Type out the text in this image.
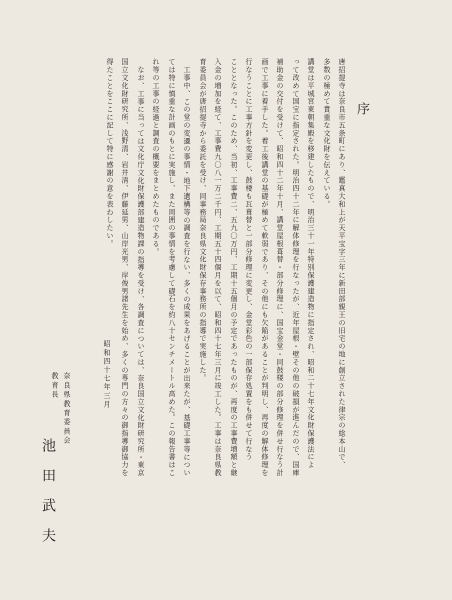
序
唐招提寺は奈良市五条町にあり、鑑真大和上が天平宝字三年に新田部親王の旧宅の地に創立された律宗の総本山で、
多数の極めて貴重な文化財を伝えている。
講堂は平城宮東朝集殿を移建したもので、明治三十一年特別保護建造物に指定され、昭和二十七年文化財保護法によ
って改めて国宝に指定された。明治四十二年に解体修理を行なったが、近年屋根・壁その他の破損が進んだので、国庫
補助金の交付を受けて、昭和四十二年十月、講堂屋根葺替・部分修理に、国宝金堂・同鼓楼の部分修理を併せ行なう計
画で工事に着手した。着工後講堂の基礎が極めて軟弱であり、その他にも欠陥があることが判明し、再度の解体修理を
行なうことに工事方針を変更し、鼓楼も瓦葺替と一部分修理に変更し、金堂彩色の一部保存処置をも併せて行なう
こととなった。このため、当初、工事費二、五九〇万円、工期十五個月の予定であったものが、再度の工事費増額と継
入金の増加を経て、工事費九〇八一万二千円、工期五十四個月を以て、昭和四十七年三月に竣工した。工事は奈良県教
育委員会が唐招提寺から委託を受け、同事務局奈良県文化財保存事務所の指導で実施した。
工事中、この堂の変遷の事情・地下遺構等の調査を行ない、多くの成果をあげることが出来たが、基礎工事等につい
ては特に慎重な計画のもとに実施し、また周囲の事情を考慮して礎石を約八十センチメートル高めた。この報告書はこ
れ等の工事の経過と調査の概要をまとめたものである。
なお、工事に当っては文化庁文化財保護部建造物課の指導を受け、各調査については、奈良国立文化財研究所・東京
国立文化財研究所、浅野清、岩井清、伊藤延男、山岸光男、岸俊男諸先生を始め、多くの専門の方々の御指導御協力を
得たことをここに記して特に感謝の意を表わしたい。
昭和四十七年三月
奈良県教育委員会
教育長
池田武夫
